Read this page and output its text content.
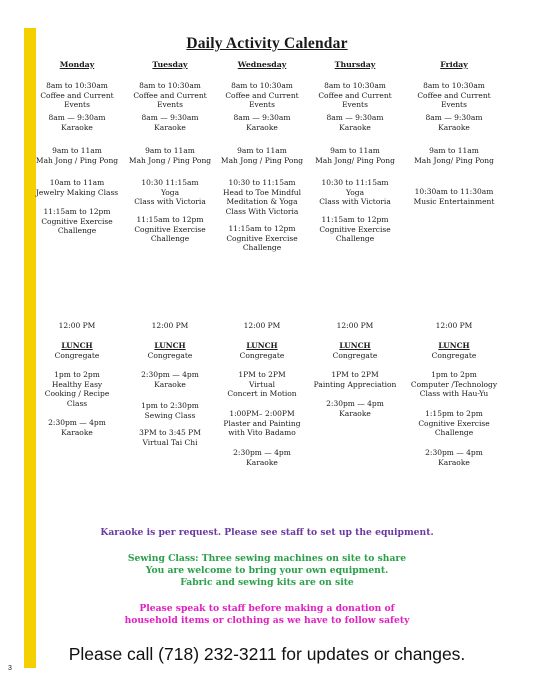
Daily Activity Calendar
Monday
8am to 10:30am
Coffee and Current
Events
8am — 9:30am
Karaoke
9am to 11am
Mah Jong / Ping Pong
10am to 11am
Jewelry Making Class
11:15am to 12pm
Cognitive Exercise
Challenge
12:00 PM
LUNCH
Congregate
1pm to 2pm
Healthy Easy
Cooking / Recipe
Class
2:30pm — 4pm
Karaoke
Tuesday
8am to 10:30am
Coffee and Current
Events
8am — 9:30am
Karaoke
9am to 11am
Mah Jong / Ping Pong
10:30 11:15am
Yoga
Class with Victoria
11:15am to 12pm
Cognitive Exercise
Challenge
12:00 PM
LUNCH
Congregate
2:30pm — 4pm
Karaoke
1pm to 2:30pm
Sewing Class
3PM to 3:45 PM
Virtual Tai Chi
Wednesday
8am to 10:30am
Coffee and Current
Events
8am — 9:30am
Karaoke
9am to 11am
Mah Jong / Ping Pong
10:30 to 11:15am
Head to Toe Mindful
Meditation & Yoga
Class With Victoria
11:15am to 12pm
Cognitive Exercise
Challenge
12:00 PM
LUNCH
Congregate
1PM to 2PM
Virtual
Concert in Motion
1:00PM– 2:00PM
Plaster and Painting
with Vito Badamo
2:30pm — 4pm
Karaoke
Thursday
8am to 10:30am
Coffee and Current
Events
8am — 9:30am
Karaoke
9am to 11am
Mah Jong/ Ping Pong
10:30 to 11:15am
Yoga
Class with Victoria
11:15am to 12pm
Cognitive Exercise
Challenge
12:00 PM
LUNCH
Congregate
1PM to 2PM
Painting Appreciation
2:30pm — 4pm
Karaoke
Friday
8am to 10:30am
Coffee and Current
Events
8am — 9:30am
Karaoke
9am to 11am
Mah Jong/ Ping Pong
10:30am to 11:30am
Music Entertainment
12:00 PM
LUNCH
Congregate
1pm to 2pm
Computer /Technology
Class with Hau-Yu
1:15pm to 2pm
Cognitive Exercise
Challenge
2:30pm — 4pm
Karaoke
Karaoke is per request. Please see staff to set up the equipment.
Sewing Class: Three sewing machines on site to share
You are welcome to bring your own equipment.
Fabric and sewing kits are on site
Please speak to staff before making a donation of
household items or clothing as we have to follow safety
Please call (718) 232-3211 for updates or changes.
3
